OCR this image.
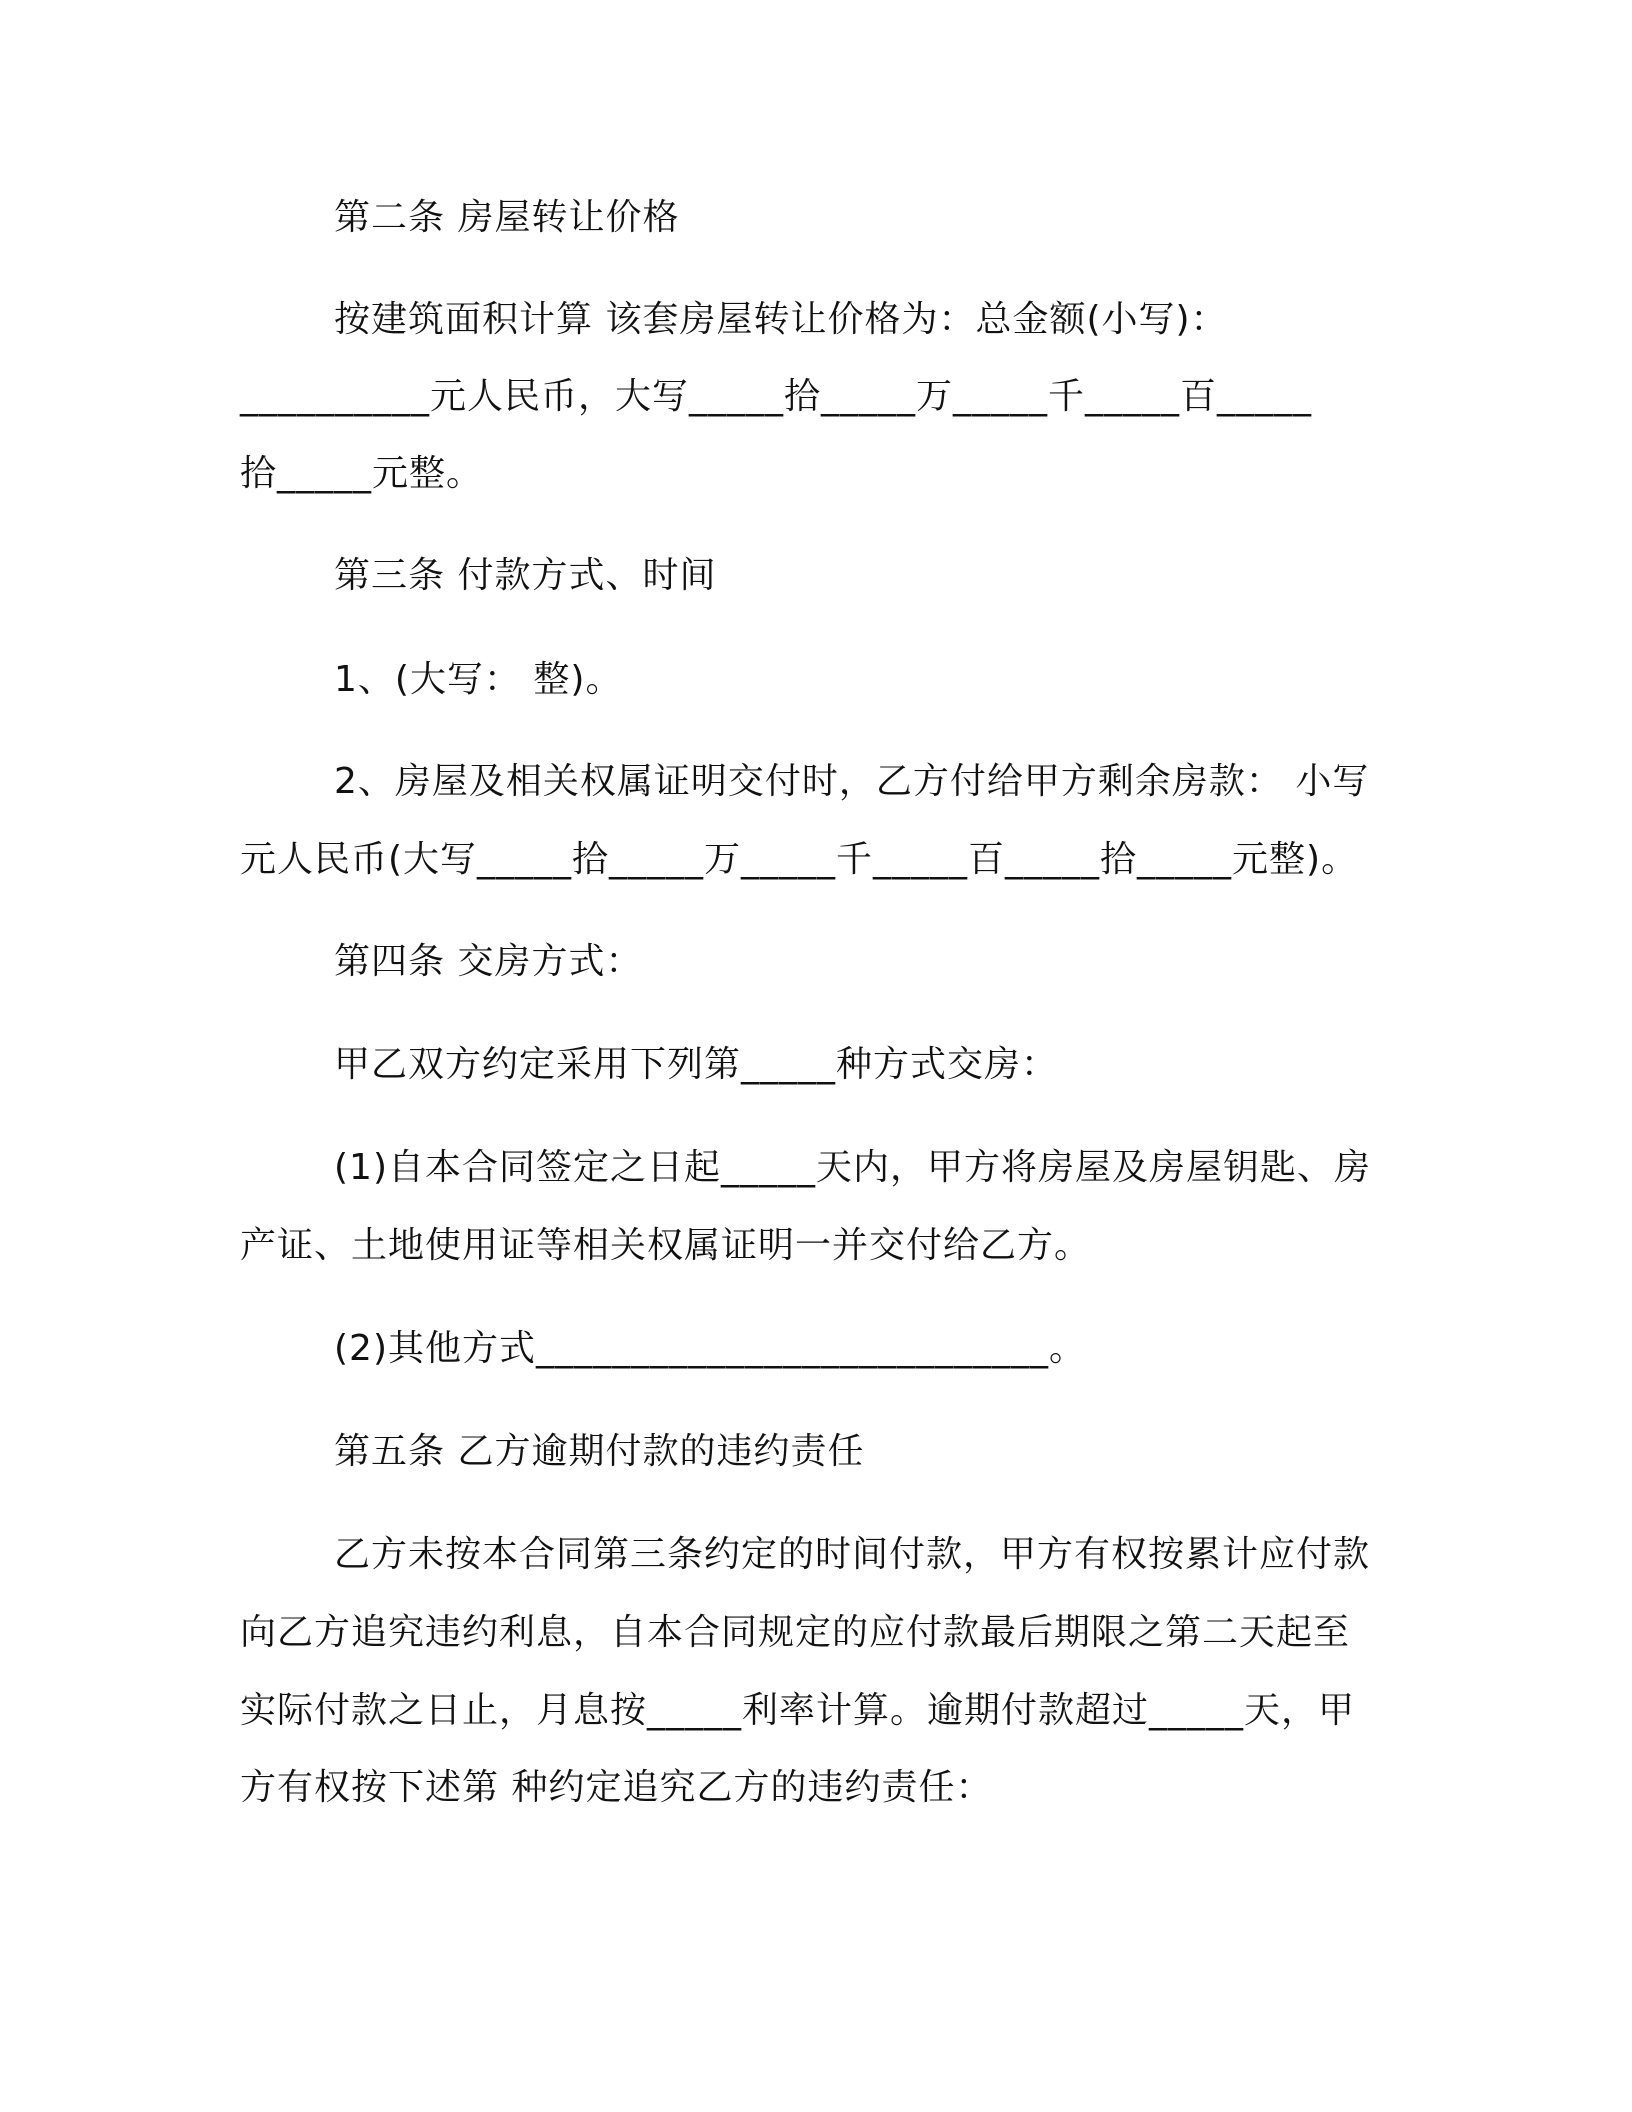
第二条 房屋转让价格
按建筑面积计算 该套房屋转让价格为：总金额(小写)：
__________元人民币，大写_____拾_____万_____千_____百_____
拾_____元整。
第三条 付款方式、时间
1、(大写： 整)。
2、房屋及相关权属证明交付时，乙方付给甲方剩余房款： 小写
元人民币(大写_____拾_____万_____千_____百_____拾_____元整)。
第四条 交房方式：
甲乙双方约定采用下列第_____种方式交房：
(1)自本合同签定之日起_____天内，甲方将房屋及房屋钥匙、房
产证、土地使用证等相关权属证明一并交付给乙方。
(2)其他方式___________________________。
第五条 乙方逾期付款的违约责任
乙方未按本合同第三条约定的时间付款，甲方有权按累计应付款
向乙方追究违约利息，自本合同规定的应付款最后期限之第二天起至
实际付款之日止，月息按_____利率计算。逾期付款超过_____天，甲
方有权按下述第 种约定追究乙方的违约责任：
